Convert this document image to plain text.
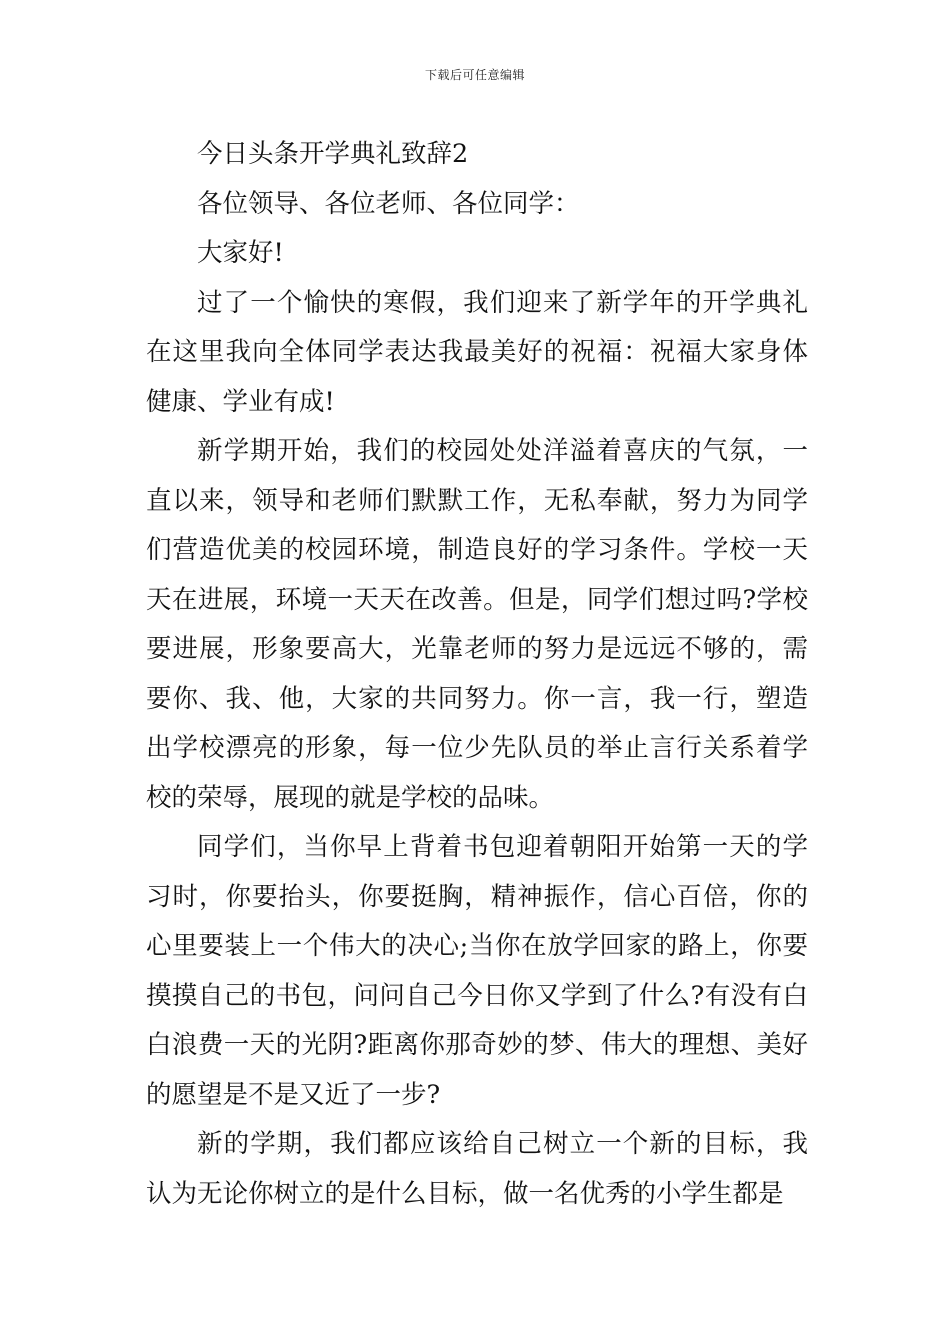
下载后可任意编辑

今日头条开学典礼致辞2

各位领导、各位老师、各位同学：

大家好!

过了一个愉快的寒假，我们迎来了新学年的开学典礼在这里我向全体同学表达我最美好的祝福：祝福大家身体健康、学业有成!

新学期开始，我们的校园处处洋溢着喜庆的气氛，一直以来，领导和老师们默默工作，无私奉献，努力为同学们营造优美的校园环境，制造良好的学习条件。学校一天天在进展，环境一天天在改善。但是，同学们想过吗?学校要进展，形象要高大，光靠老师的努力是远远不够的，需要你、我、他，大家的共同努力。你一言，我一行，塑造出学校漂亮的形象，每一位少先队员的举止言行关系着学校的荣辱，展现的就是学校的品味。

同学们，当你早上背着书包迎着朝阳开始第一天的学习时，你要抬头，你要挺胸，精神振作，信心百倍，你的心里要装上一个伟大的决心;当你在放学回家的路上，你要摸摸自己的书包，问问自己今日你又学到了什么?有没有白白浪费一天的光阴?距离你那奇妙的梦、伟大的理想、美好的愿望是不是又近了一步?

新的学期，我们都应该给自己树立一个新的目标，我认为无论你树立的是什么目标，做一名优秀的小学生都是
